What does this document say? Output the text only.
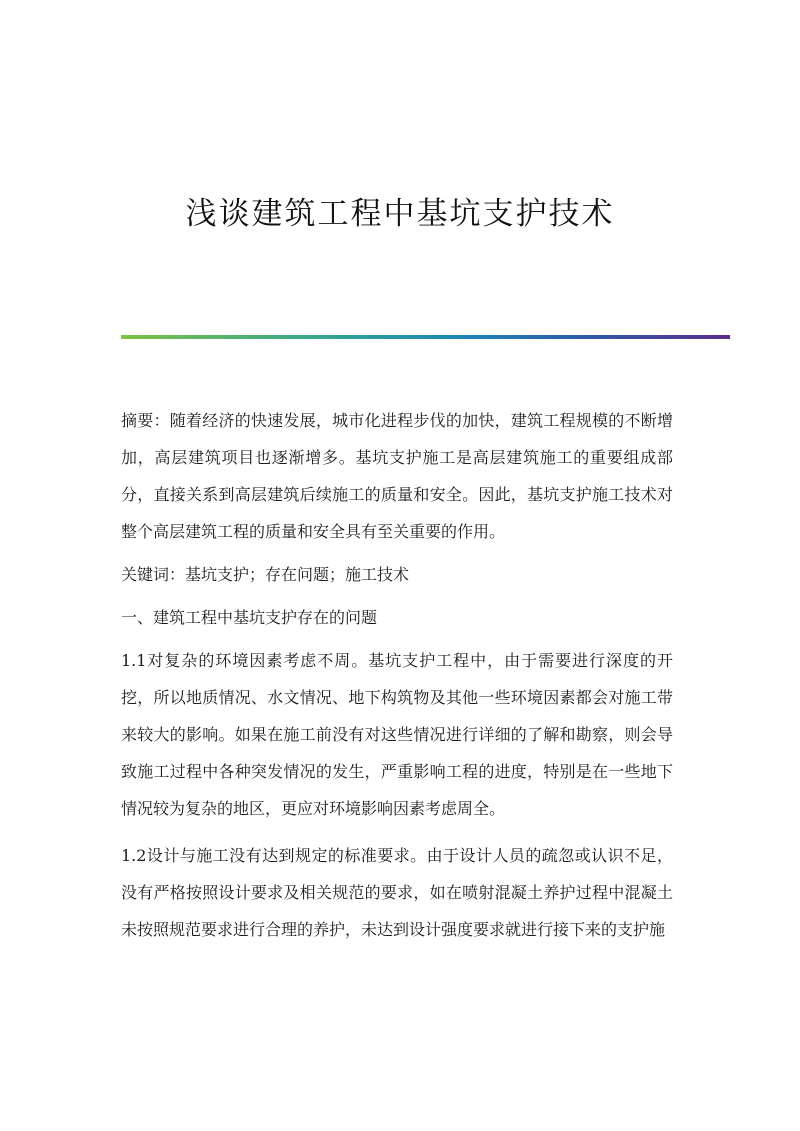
浅谈建筑工程中基坑支护技术

摘要：随着经济的快速发展，城市化进程步伐的加快，建筑工程规模的不断增加，高层建筑项目也逐渐增多。基坑支护施工是高层建筑施工的重要组成部分，直接关系到高层建筑后续施工的质量和安全。因此，基坑支护施工技术对整个高层建筑工程的质量和安全具有至关重要的作用。

关键词：基坑支护；存在问题；施工技术

一、建筑工程中基坑支护存在的问题

1.1对复杂的环境因素考虑不周。基坑支护工程中，由于需要进行深度的开挖，所以地质情况、水文情况、地下构筑物及其他一些环境因素都会对施工带来较大的影响。如果在施工前没有对这些情况进行详细的了解和勘察，则会导致施工过程中各种突发情况的发生，严重影响工程的进度，特别是在一些地下情况较为复杂的地区，更应对环境影响因素考虑周全。

1.2设计与施工没有达到规定的标准要求。由于设计人员的疏忽或认识不足，没有严格按照设计要求及相关规范的要求，如在喷射混凝土养护过程中混凝土未按照规范要求进行合理的养护，未达到设计强度要求就进行接下来的支护施
